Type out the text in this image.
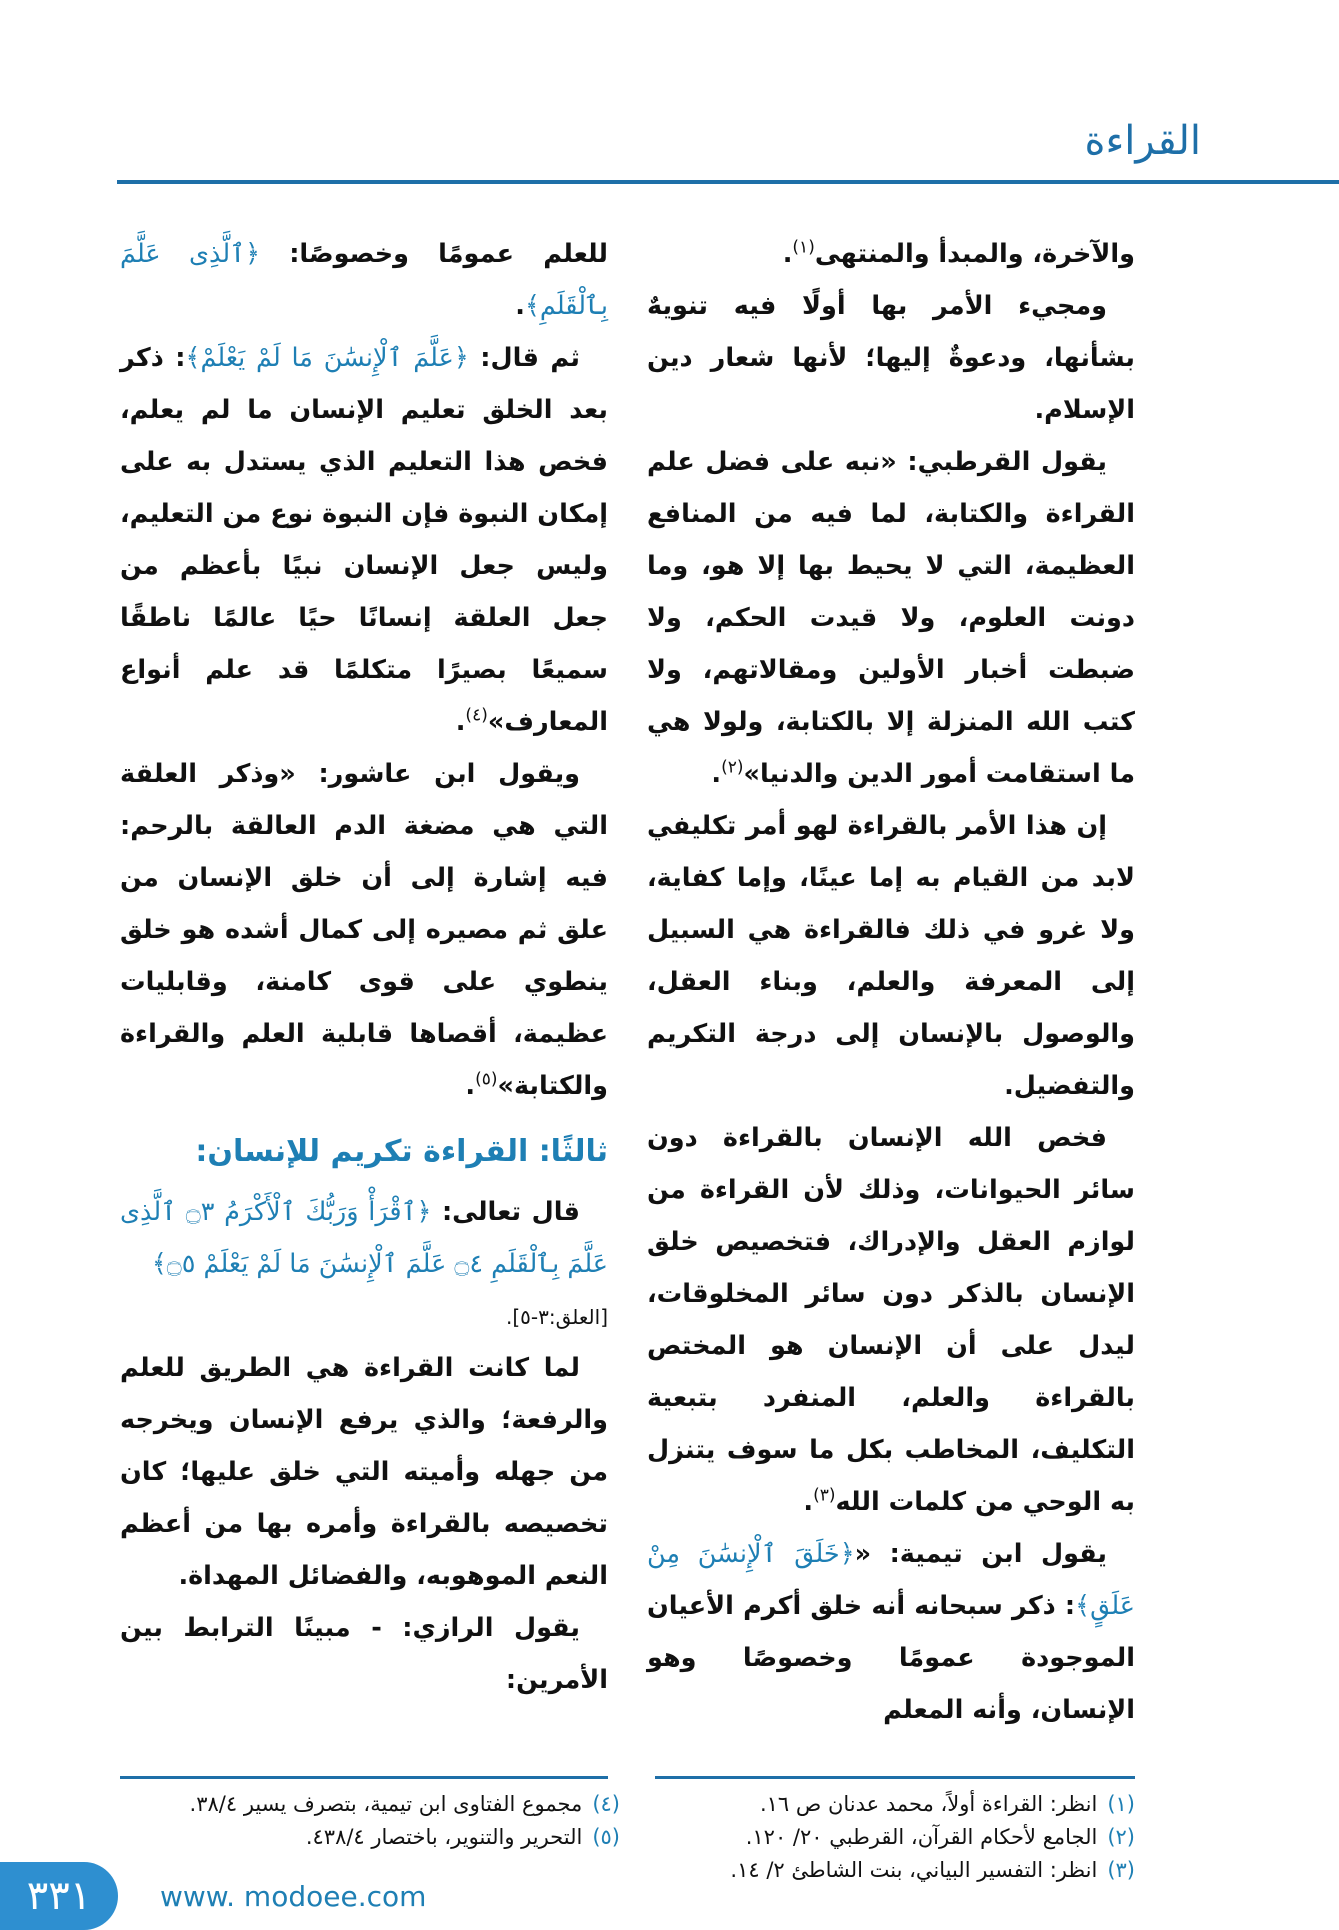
القراءة

والآخرة، والمبدأ والمنتهى$^{(١)}$.

ومجيء الأمر بها أولًا فيه تنويهٌ بشأنها، ودعوةٌ إليها؛ لأنها شعار دين الإسلام.

يقول القرطبي: «نبه على فضل علم القراءة والكتابة، لما فيه من المنافع العظيمة، التي لا يحيط بها إلا هو، وما دونت العلوم، ولا قيدت الحكم، ولا ضبطت أخبار الأولين ومقالاتهم، ولا كتب الله المنزلة إلا بالكتابة، ولولا هي ما استقامت أمور الدين والدنيا»$^{(٢)}$.

إن هذا الأمر بالقراءة لهو أمر تكليفي لابد من القيام به إما عينًا، وإما كفاية، ولا غرو في ذلك فالقراءة هي السبيل إلى المعرفة والعلم، وبناء العقل، والوصول بالإنسان إلى درجة التكريم والتفضيل.

فخص الله الإنسان بالقراءة دون سائر الحيوانات، وذلك لأن القراءة من لوازم العقل والإدراك، فتخصيص خلق الإنسان بالذكر دون سائر المخلوقات، ليدل على أن الإنسان هو المختص بالقراءة والعلم، المنفرد بتبعية التكليف، المخاطب بكل ما سوف يتنزل به الوحي من كلمات الله$^{(٣)}$.

يقول ابن تيمية: «﴿خَلَقَ ٱلْإِنسَٰنَ مِنْ عَلَقٍ﴾: ذكر سبحانه أنه خلق أكرم الأعيان الموجودة عمومًا وخصوصًا وهو الإنسان، وأنه المعلم

للعلم عمومًا وخصوصًا: ﴿ٱلَّذِى عَلَّمَ بِٱلْقَلَمِ﴾.

ثم قال: ﴿عَلَّمَ ٱلْإِنسَٰنَ مَا لَمْ يَعْلَمْ﴾: ذكر بعد الخلق تعليم الإنسان ما لم يعلم، فخص هذا التعليم الذي يستدل به على إمكان النبوة فإن النبوة نوع من التعليم، وليس جعل الإنسان نبيًا بأعظم من جعل العلقة إنسانًا حيًا عالمًا ناطقًا سميعًا بصيرًا متكلمًا قد علم أنواع المعارف»$^{(٤)}$.

ويقول ابن عاشور: «وذكر العلقة التي هي مضغة الدم العالقة بالرحم: فيه إشارة إلى أن خلق الإنسان من علق ثم مصيره إلى كمال أشده هو خلق ينطوي على قوى كامنة، وقابليات عظيمة، أقصاها قابلية العلم والقراءة والكتابة»$^{(٥)}$.

ثالثًا: القراءة تكريم للإنسان:

قال تعالى: ﴿ٱقْرَأْ وَرَبُّكَ ٱلْأَكْرَمُ ۝٣ ٱلَّذِى عَلَّمَ بِٱلْقَلَمِ ۝٤ عَلَّمَ ٱلْإِنسَٰنَ مَا لَمْ يَعْلَمْ ۝٥﴾
[العلق:٣-٥].

لما كانت القراءة هي الطريق للعلم والرفعة؛ والذي يرفع الإنسان ويخرجه من جهله وأميته التي خلق عليها؛ كان تخصيصه بالقراءة وأمره بها من أعظم النعم الموهوبه، والفضائل المهداة.

يقول الرازي: - مبينًا الترابط بين الأمرين:

(١)انظر: القراءة أولاً، محمد عدنان ص ١٦.

(٢)الجامع لأحكام القرآن، القرطبي ٢٠/ ١٢٠.

(٣)انظر: التفسير البياني، بنت الشاطئ ٢/ ١٤.

(٤)مجموع الفتاوى ابن تيمية، بتصرف يسير ٣٨/٤.

(٥)التحرير والتنوير، باختصار ٤٣٨/٤.

٣٣١	www. modoee.com
